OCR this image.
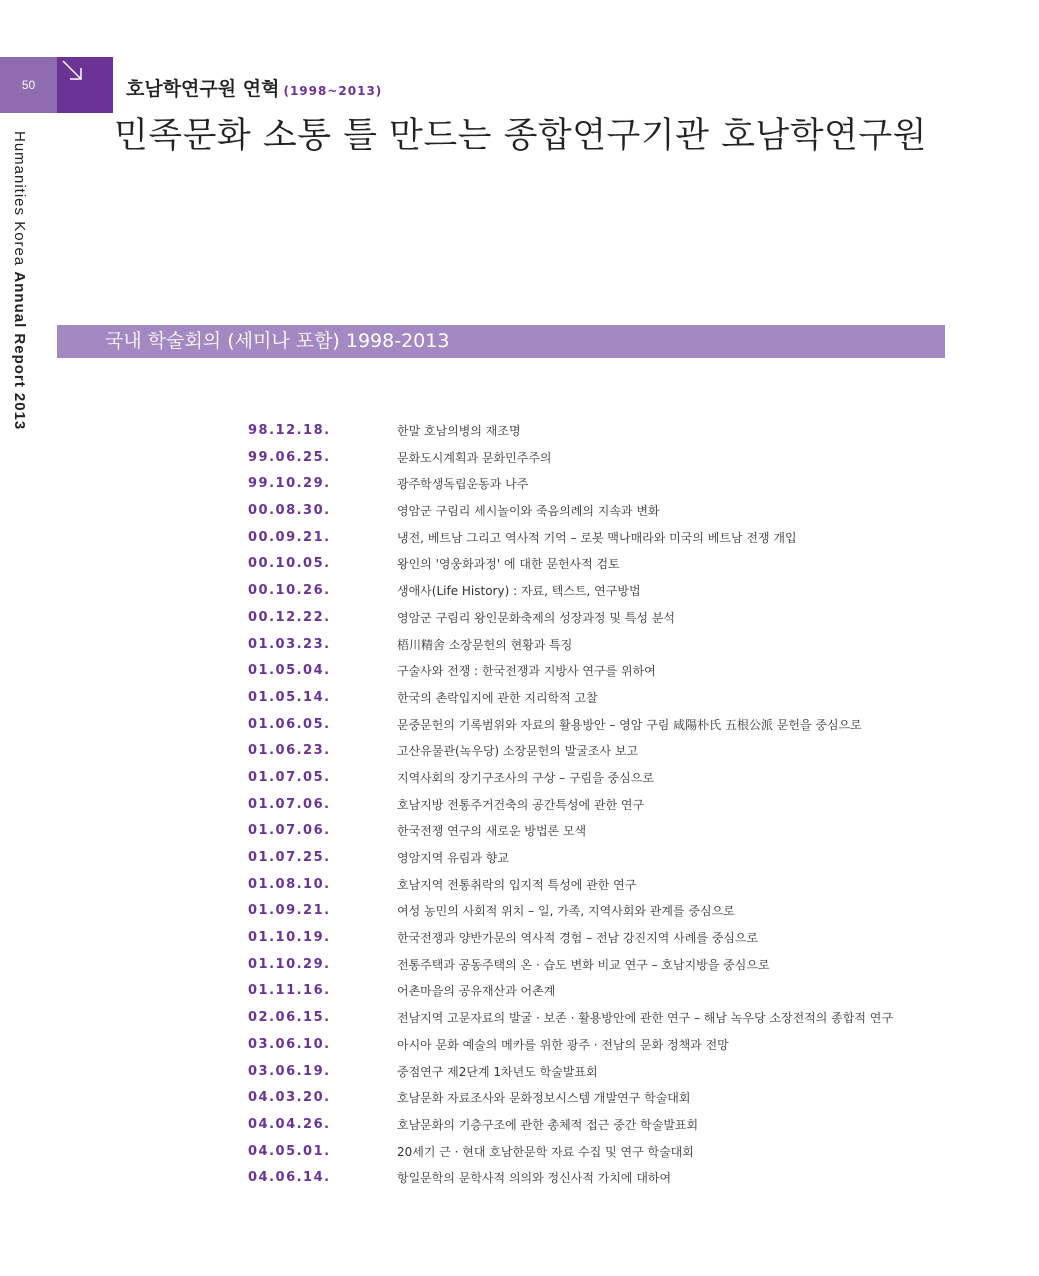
50
Humanities Korea Annual Report 2013
호남학연구원 연혁 (1998~2013)
민족문화 소통 틀 만드는 종합연구기관 호남학연구원
국내 학술회의 (세미나 포함) 1998-2013
98.12.18.	한말 호남의병의 재조명
99.06.25.	문화도시계획과 문화민주주의
99.10.29.	광주학생독립운동과 나주
00.08.30.	영암군 구림리 세시놀이와 죽음의례의 지속과 변화
00.09.21.	냉전, 베트남 그리고 역사적 기억 – 로봇 맥나매라와 미국의 베트남 전쟁 개입
00.10.05.	왕인의 '영웅화과정' 에 대한 문헌사적 검토
00.10.26.	생애사(Life History) : 자료, 텍스트, 연구방법
00.12.22.	영암군 구림리 왕인문화축제의 성장과정 및 특성 분석
01.03.23.	梧川精舍 소장문헌의 현황과 특징
01.05.04.	구술사와 전쟁 : 한국전쟁과 지방사 연구를 위하여
01.05.14.	한국의 촌락입지에 관한 지리학적 고찰
01.06.05.	문중문헌의 기록범위와 자료의 활용방안 – 영암 구림 咸陽朴氏 五根公派 문헌을 중심으로
01.06.23.	고산유물관(녹우당) 소장문헌의 발굴조사 보고
01.07.05.	지역사회의 장기구조사의 구상 – 구림을 중심으로
01.07.06.	호남지방 전통주거건축의 공간특성에 관한 연구
01.07.06.	한국전쟁 연구의 새로운 방법론 모색
01.07.25.	영암지역 유림과 향교
01.08.10.	호남지역 전통취락의 입지적 특성에 관한 연구
01.09.21.	여성 농민의 사회적 위치 – 일, 가족, 지역사회와 관계를 중심으로
01.10.19.	한국전쟁과 양반가문의 역사적 경험 – 전남 강진지역 사례를 중심으로
01.10.29.	전통주택과 공동주택의 온 · 습도 변화 비교 연구 – 호남지방을 중심으로
01.11.16.	어촌마을의 공유재산과 어촌계
02.06.15.	전남지역 고문자료의 발굴 · 보존 · 활용방안에 관한 연구 – 해남 녹우당 소장전적의 종합적 연구
03.06.10.	아시아 문화 예술의 메카를 위한 광주 · 전남의 문화 정책과 전망
03.06.19.	중점연구 제2단계 1차년도 학술발표회
04.03.20.	호남문화 자료조사와 문화정보시스템 개발연구 학술대회
04.04.26.	호남문화의 기층구조에 관한 총체적 접근 중간 학술발표회
04.05.01.	20세기 근 · 현대 호남한문학 자료 수집 및 연구 학술대회
04.06.14.	항일문학의 문학사적 의의와 정신사적 가치에 대하여
